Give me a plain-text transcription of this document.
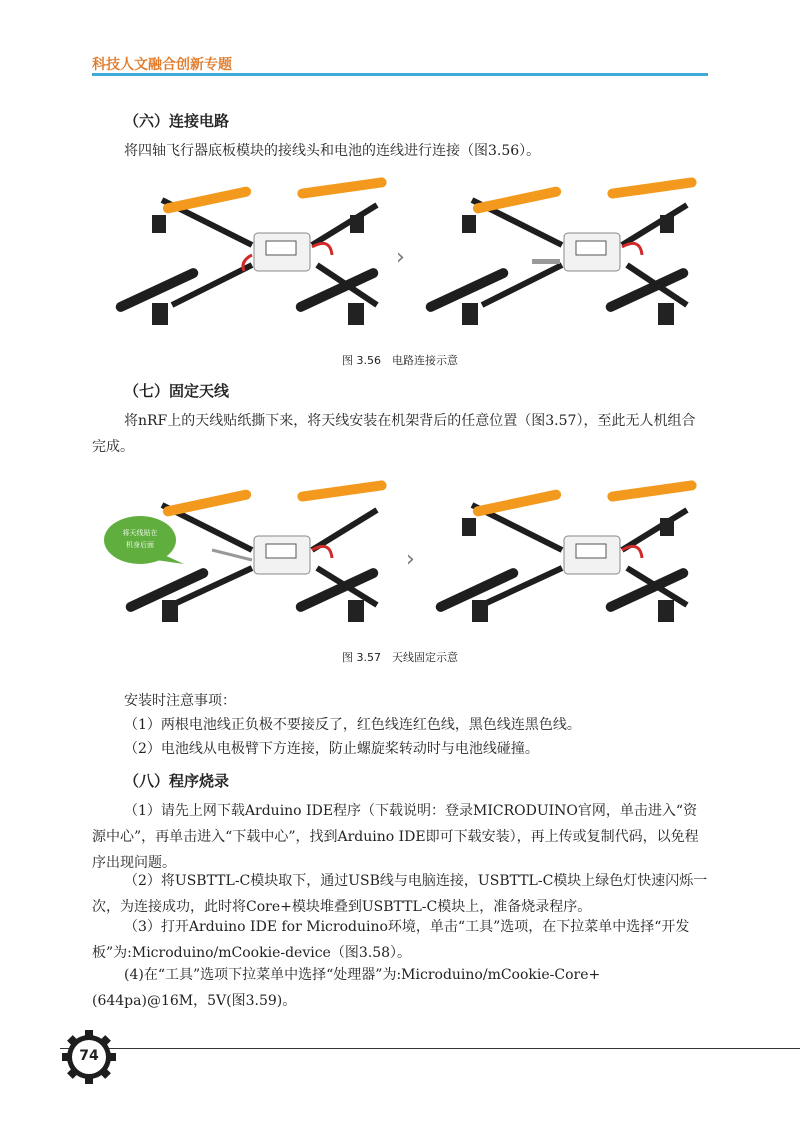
科技人文融合创新专题
（六）连接电路
将四轴飞行器底板模块的接线头和电池的连线进行连接（图3.56）。
›
图 3.56　电路连接示意
（七）固定天线
将nRF上的天线贴纸撕下来，将天线安装在机架背后的任意位置（图3.57），至此无人机组合完成。
将天线贴在
机身后面
›
图 3.57　天线固定示意
安装时注意事项：
（1）两根电池线正负极不要接反了，红色线连红色线，黑色线连黑色线。
（2）电池线从电极臂下方连接，防止螺旋桨转动时与电池线碰撞。
（八）程序烧录
（1）请先上网下载Arduino IDE程序（下载说明：登录MICRODUINO官网，单击进入“资源中心”，再单击进入“下载中心”，找到Arduino IDE即可下载安装），再上传或复制代码，以免程序出现问题。
（2）将USBTTL-C模块取下，通过USB线与电脑连接，USBTTL-C模块上绿色灯快速闪烁一次，为连接成功，此时将Core+模块堆叠到USBTTL-C模块上，准备烧录程序。
（3）打开Arduino IDE for Microduino环境，单击“工具”选项，在下拉菜单中选择“开发板”为:Microduino/mCookie-device（图3.58）。
(4)在“工具”选项下拉菜单中选择“处理器”为:Microduino/mCookie-Core+(644pa)@16M，5V(图3.59)。
74
